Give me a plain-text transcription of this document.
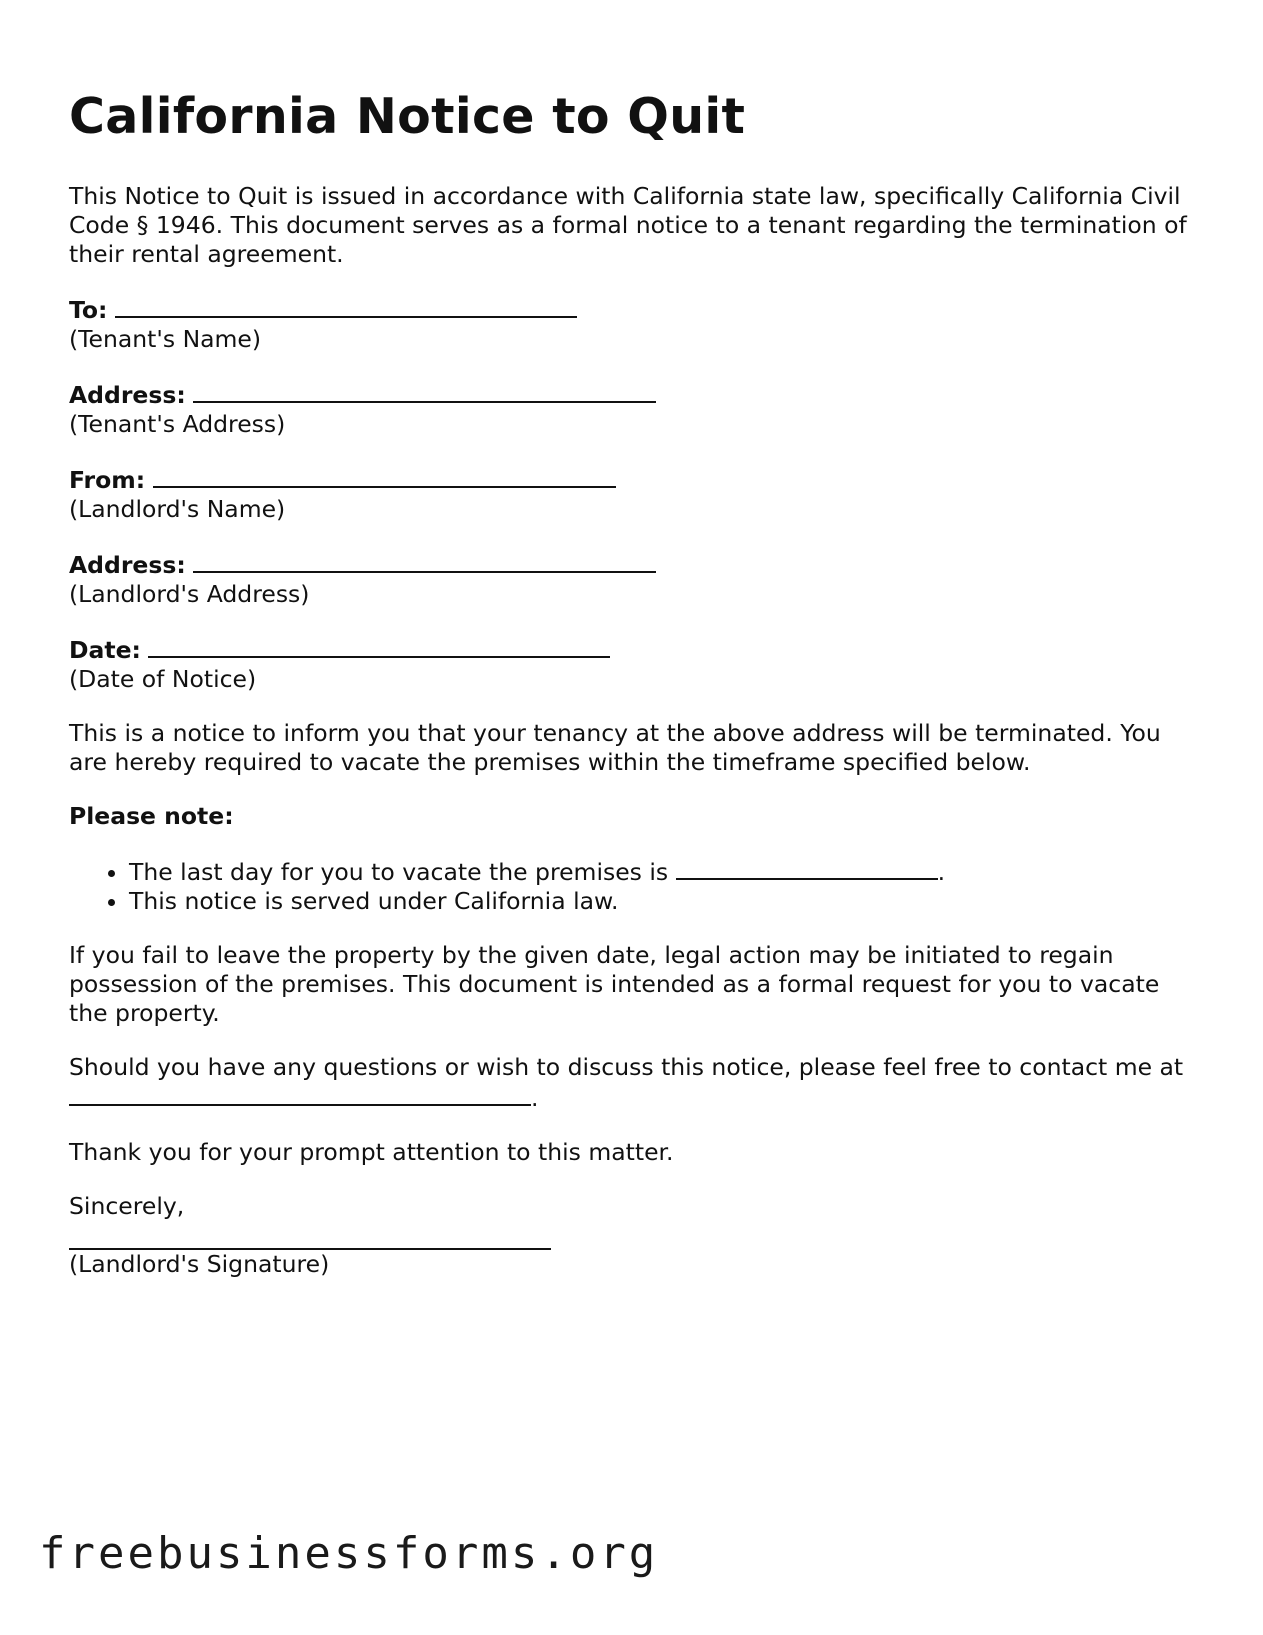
California Notice to Quit

This Notice to Quit is issued in accordance with California state law, specifically California Civil Code § 1946. This document serves as a formal notice to a tenant regarding the termination of their rental agreement.

To:
(Tenant's Name)
Address:
(Tenant's Address)
From:
(Landlord's Name)
Address:
(Landlord's Address)
Date:
(Date of Notice)

This is a notice to inform you that your tenancy at the above address will be terminated. You are hereby required to vacate the premises within the timeframe specified below.

Please note:
• The last day for you to vacate the premises is	.
• This notice is served under California law.

If you fail to leave the property by the given date, legal action may be initiated to regain possession of the premises. This document is intended as a formal request for you to vacate the property.

Should you have any questions or wish to discuss this notice, please feel free to contact me at .

Thank you for your prompt attention to this matter.

Sincerely,
(Landlord's Signature)
freebusinessforms.org
